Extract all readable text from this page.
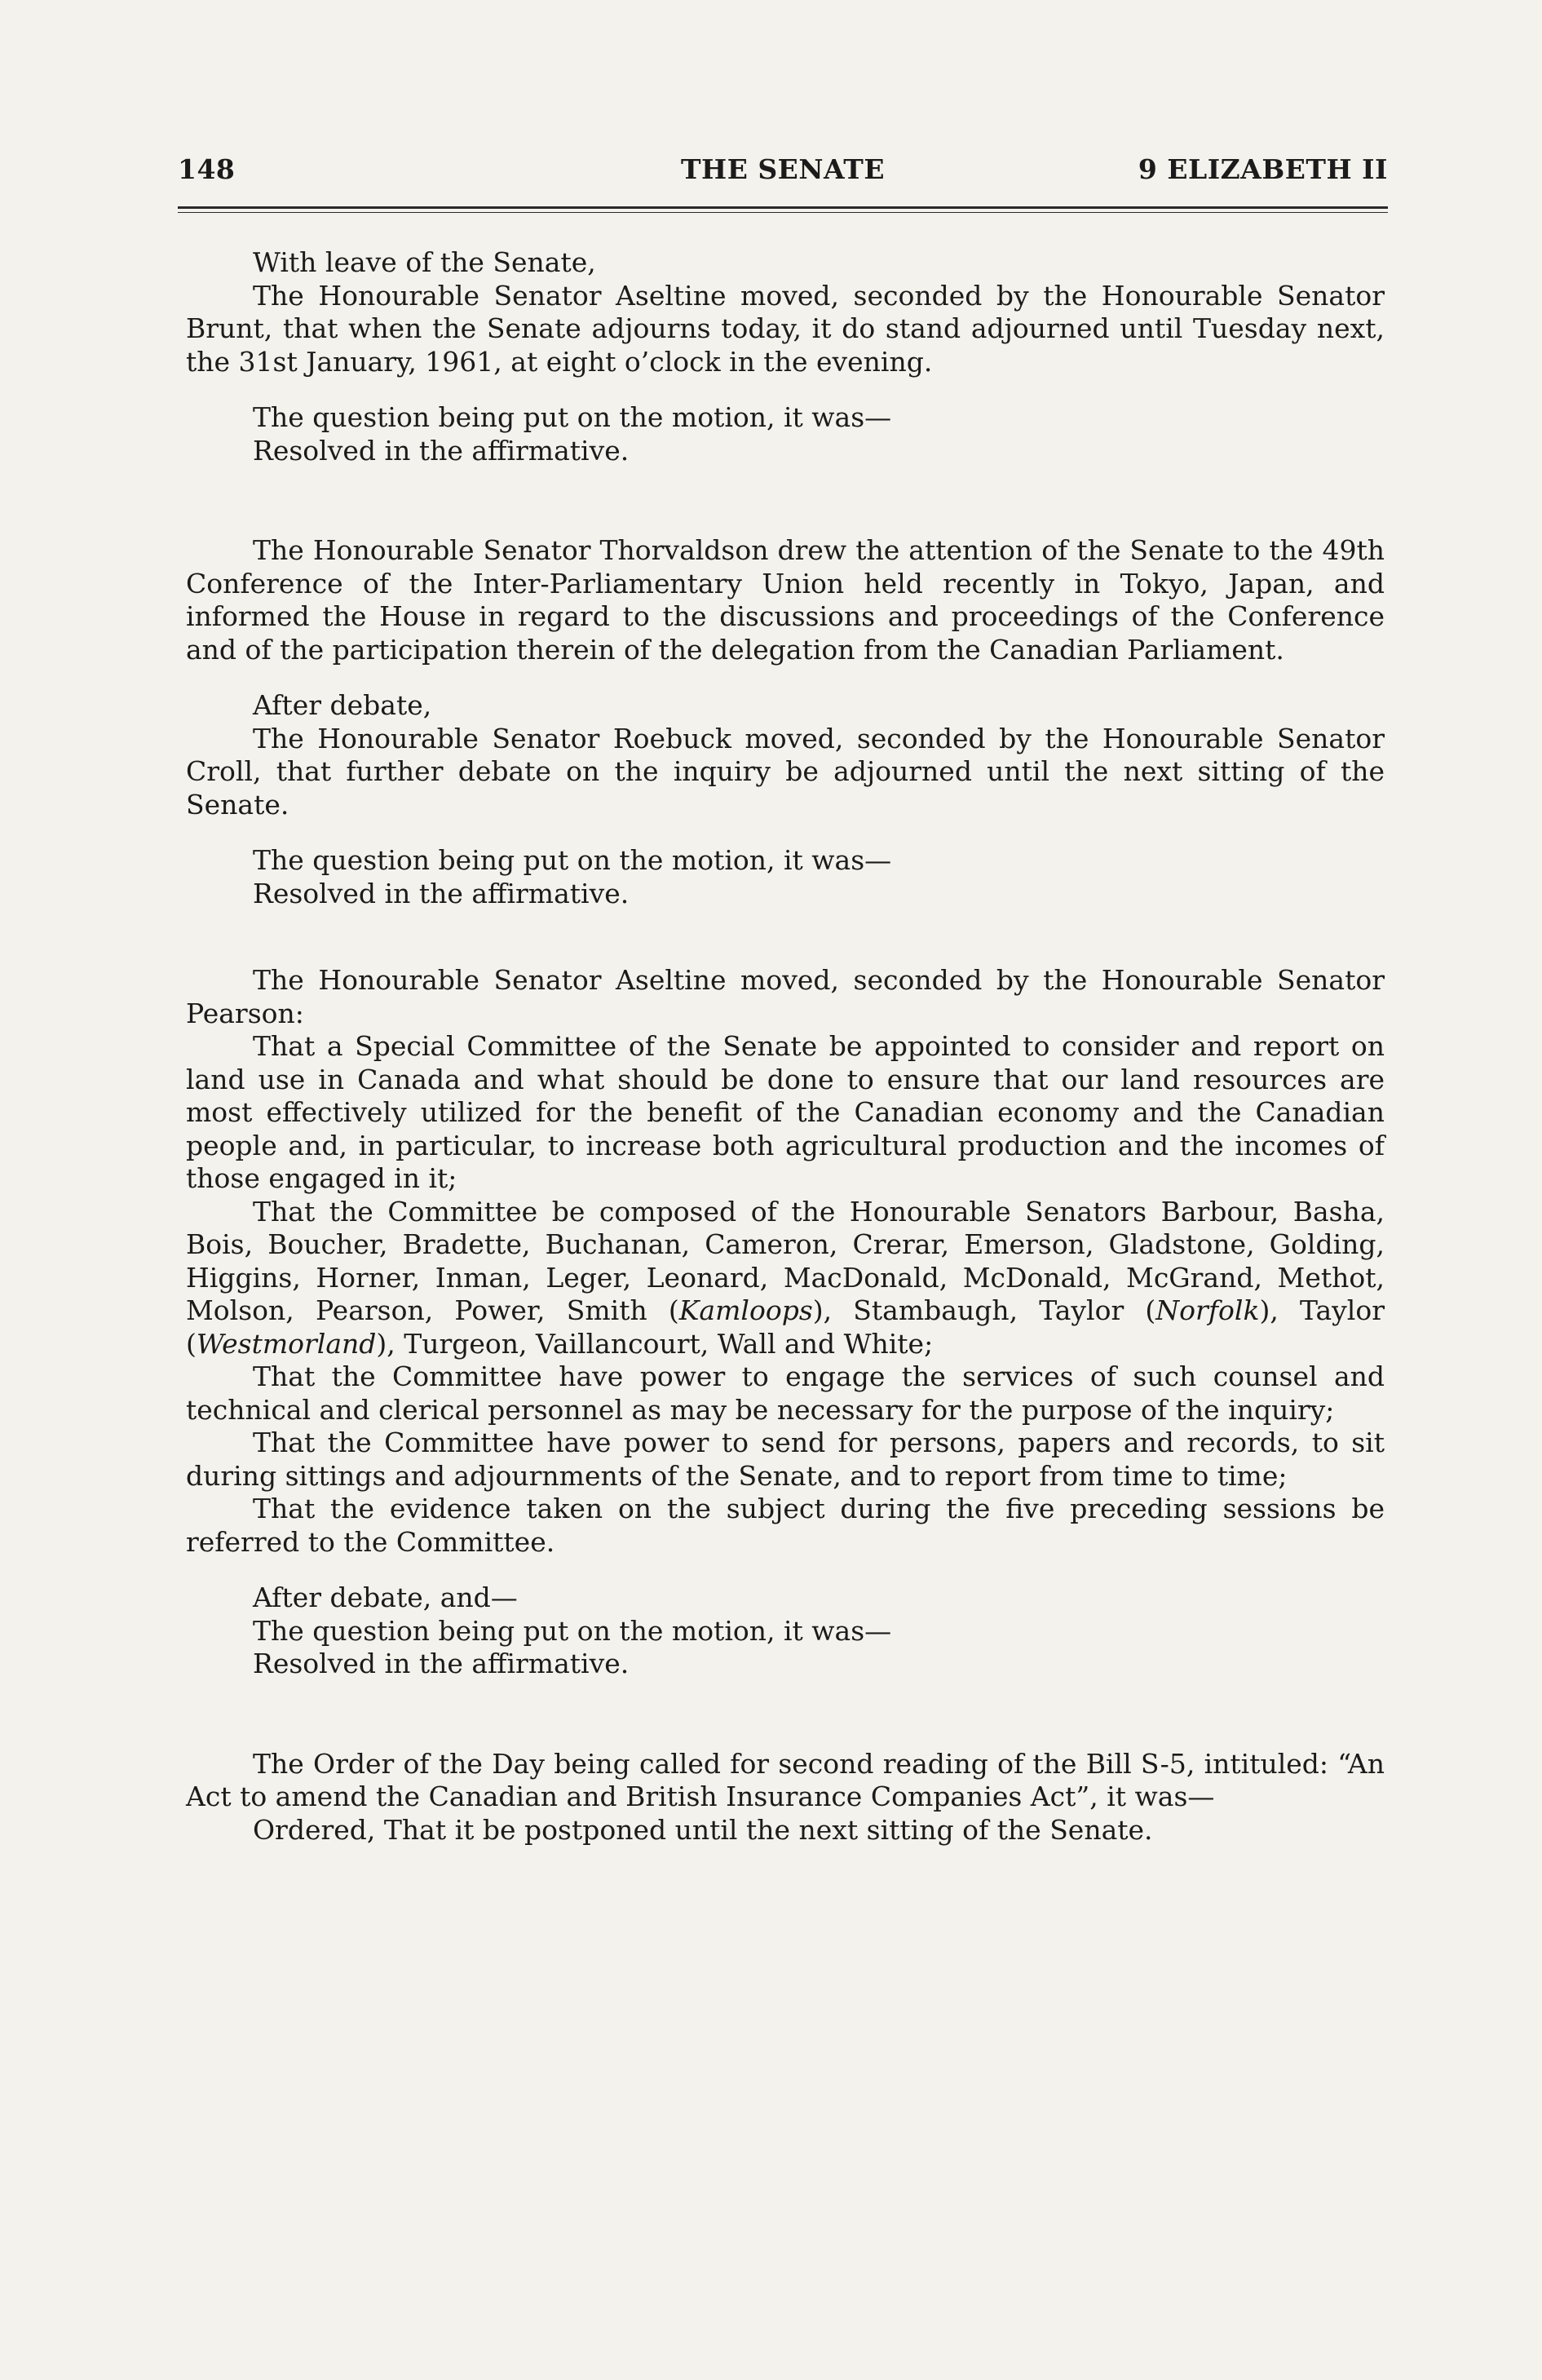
148	THE SENATE	9 ELIZABETH II

With leave of the Senate,

The Honourable Senator Aseltine moved, seconded by the Honourable Senator Brunt, that when the Senate adjourns today, it do stand adjourned until Tuesday next, the 31st January, 1961, at eight o’clock in the evening.

The question being put on the motion, it was—

Resolved in the affirmative.

The Honourable Senator Thorvaldson drew the attention of the Senate to the 49th Conference of the Inter-Parliamentary Union held recently in Tokyo, Japan, and informed the House in regard to the discussions and proceedings of the Conference and of the participation therein of the delegation from the Canadian Parliament.

After debate,

The Honourable Senator Roebuck moved, seconded by the Honourable Senator Croll, that further debate on the inquiry be adjourned until the next sitting of the Senate.

The question being put on the motion, it was—

Resolved in the affirmative.

The Honourable Senator Aseltine moved, seconded by the Honourable Senator Pearson:

That a Special Committee of the Senate be appointed to consider and report on land use in Canada and what should be done to ensure that our land resources are most effectively utilized for the benefit of the Canadian economy and the Canadian people and, in particular, to increase both agricultural production and the incomes of those engaged in it;

That the Committee be composed of the Honourable Senators Barbour, Basha, Bois, Boucher, Bradette, Buchanan, Cameron, Crerar, Emerson, Gladstone, Golding, Higgins, Horner, Inman, Leger, Leonard, MacDonald, McDonald, McGrand, Methot, Molson, Pearson, Power, Smith (Kamloops), Stambaugh, Taylor (Norfolk), Taylor (Westmorland), Turgeon, Vaillancourt, Wall and White;

That the Committee have power to engage the services of such counsel and technical and clerical personnel as may be necessary for the purpose of the inquiry;

That the Committee have power to send for persons, papers and records, to sit during sittings and adjournments of the Senate, and to report from time to time;

That the evidence taken on the subject during the five preceding sessions be referred to the Committee.

After debate, and—

The question being put on the motion, it was—

Resolved in the affirmative.

The Order of the Day being called for second reading of the Bill S-5, intituled: “An Act to amend the Canadian and British Insurance Companies Act”, it was—

Ordered, That it be postponed until the next sitting of the Senate.
